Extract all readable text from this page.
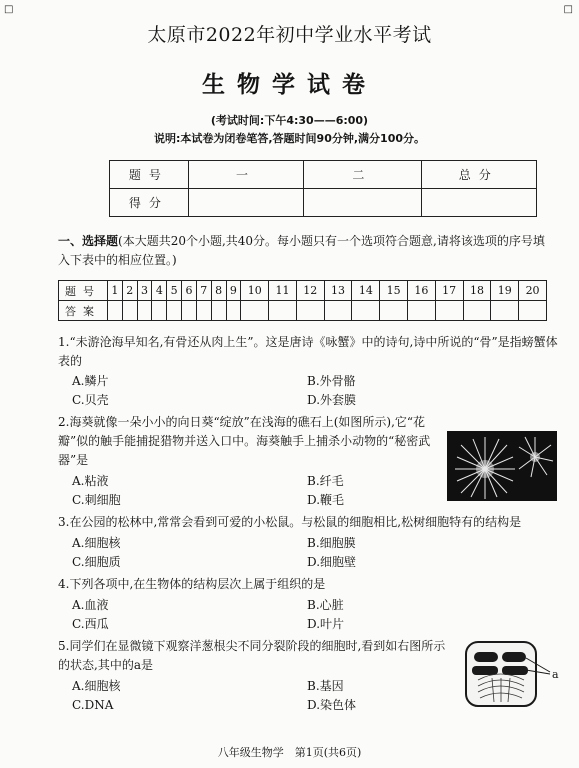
□	□
太原市2022年初中学业水平考试
生物学试卷
(考试时间:下午4:30——6:00)
说明:本试卷为闭卷笔答,答题时间90分钟,满分100分。
题号	一	二	总分
得分			
一、选择题(本大题共20个小题,共40分。每小题只有一个选项符合题意,请将该选项的序号填入下表中的相应位置。)
题号	1	2	3	4	5	6	7	8	9	10	11	12	13	14	15	16	17	18	19	20
答案																				
1.“未游沧海早知名,有骨还从肉上生”。这是唐诗《咏蟹》中的诗句,诗中所说的“骨”是指螃蟹体表的
A.鳞片	B.外骨骼
C.贝壳	D.外套膜
2.海葵就像一朵小小的向日葵“绽放”在浅海的礁石上(如图所示),它“花瓣”似的触手能捕捉猎物并送入口中。海葵触手上捕杀小动物的“秘密武器”是
A.粘液	B.纤毛
C.刺细胞	D.鞭毛
3.在公园的松林中,常常会看到可爱的小松鼠。与松鼠的细胞相比,松树细胞特有的结构是
A.细胞核	B.细胞膜
C.细胞质	D.细胞壁
4.下列各项中,在生物体的结构层次上属于组织的是
A.血液	B.心脏
C.西瓜	D.叶片
5.同学们在显微镜下观察洋葱根尖不同分裂阶段的细胞时,看到如右图所示的状态,其中的a是
A.细胞核	B.基因
C.DNA	D.染色体
a
八年级生物学　第1页(共6页)
